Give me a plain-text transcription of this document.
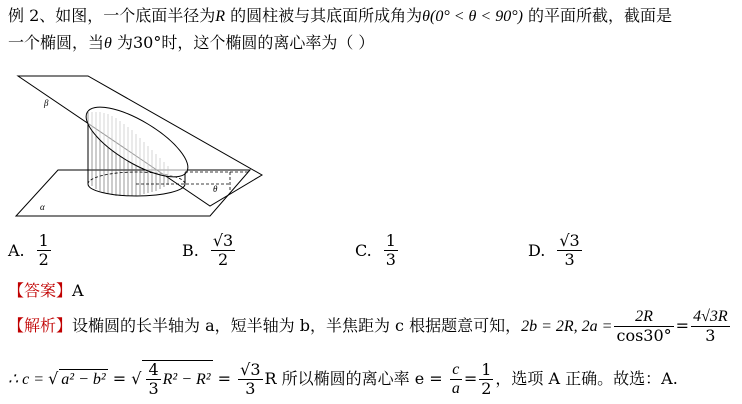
例 2、如图，一个底面半径为R 的圆柱被与其底面所成角为θ(0° < θ < 90°) 的平面所截，截面是
一个椭圆，当θ 为30°时，这个椭圆的离心率为（ ）
β
α
θ
A. $\frac{1}{2}$	B. $\frac{√3}{2}$	C. $\frac{1}{3}$	D. $\frac{√3}{3}$
【答案】A
【解析】设椭圆的长半轴为 a，短半轴为 b，半焦距为 c 根据题意可知，2b = 2R, $2a = \frac{2R}{\cos 30^\circ} = \frac{4√3R}{3}$
∴ c = √ a² − b² = √ $\frac{4}{3} R^2 - R^2 = \frac{√3}{3}$ R 所以椭圆的离心率 $e = \frac{c}{a} = \frac{1}{2}$ ，选项 A 正确。故选：A.
